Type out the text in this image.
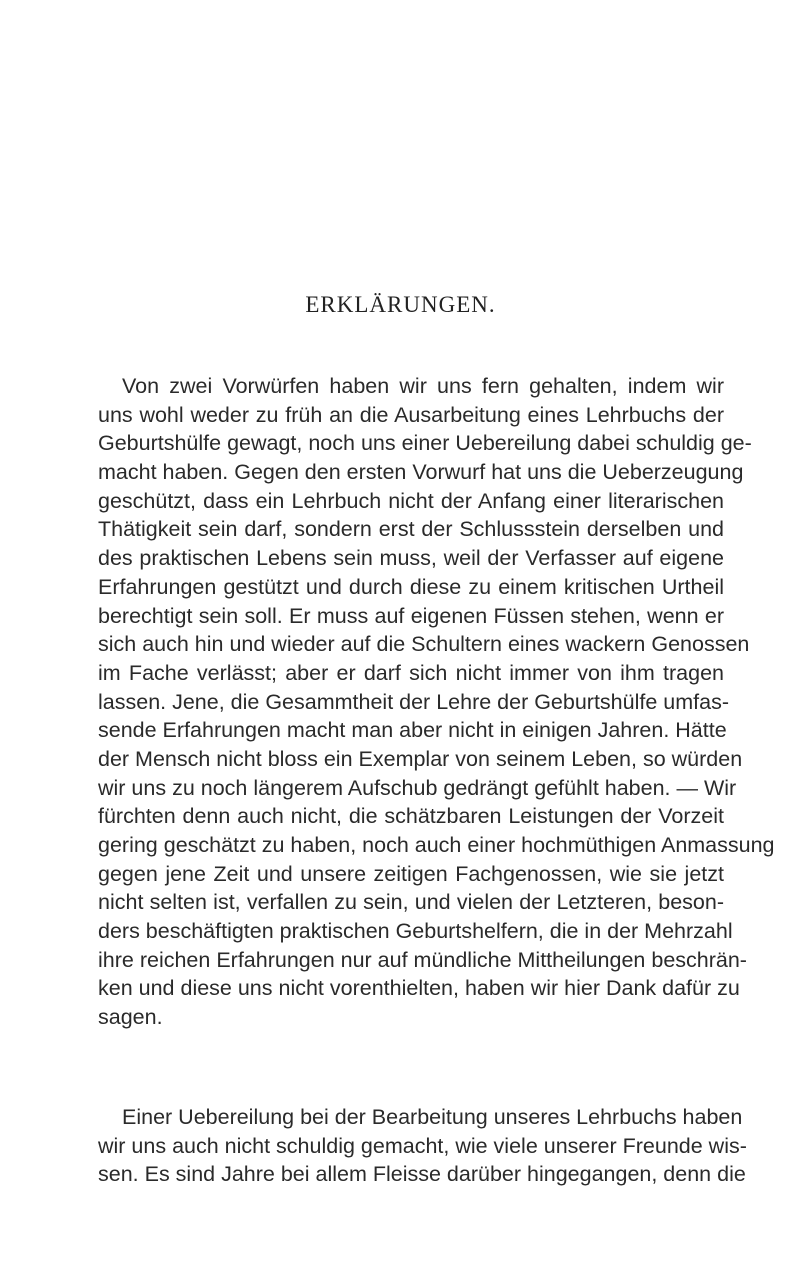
ERKLÄRUNGEN.
Von zwei Vorwürfen haben wir uns fern gehalten, indem wir
uns wohl weder zu früh an die Ausarbeitung eines Lehrbuchs der
Geburtshülfe gewagt, noch uns einer Uebereilung dabei schuldig ge-
macht haben. Gegen den ersten Vorwurf hat uns die Ueberzeugung
geschützt, dass ein Lehrbuch nicht der Anfang einer literarischen
Thätigkeit sein darf, sondern erst der Schlussstein derselben und
des praktischen Lebens sein muss, weil der Verfasser auf eigene
Erfahrungen gestützt und durch diese zu einem kritischen Urtheil
berechtigt sein soll. Er muss auf eigenen Füssen stehen, wenn er
sich auch hin und wieder auf die Schultern eines wackern Genossen
im Fache verlässt; aber er darf sich nicht immer von ihm tragen
lassen. Jene, die Gesammtheit der Lehre der Geburtshülfe umfas-
sende Erfahrungen macht man aber nicht in einigen Jahren. Hätte
der Mensch nicht bloss ein Exemplar von seinem Leben, so würden
wir uns zu noch längerem Aufschub gedrängt gefühlt haben. — Wir
fürchten denn auch nicht, die schätzbaren Leistungen der Vorzeit
gering geschätzt zu haben, noch auch einer hochmüthigen Anmassung
gegen jene Zeit und unsere zeitigen Fachgenossen, wie sie jetzt
nicht selten ist, verfallen zu sein, und vielen der Letzteren, beson-
ders beschäftigten praktischen Geburtshelfern, die in der Mehrzahl
ihre reichen Erfahrungen nur auf mündliche Mittheilungen beschrän-
ken und diese uns nicht vorenthielten, haben wir hier Dank dafür zu
sagen.
Einer Uebereilung bei der Bearbeitung unseres Lehrbuchs haben
wir uns auch nicht schuldig gemacht, wie viele unserer Freunde wis-
sen. Es sind Jahre bei allem Fleisse darüber hingegangen, denn die
